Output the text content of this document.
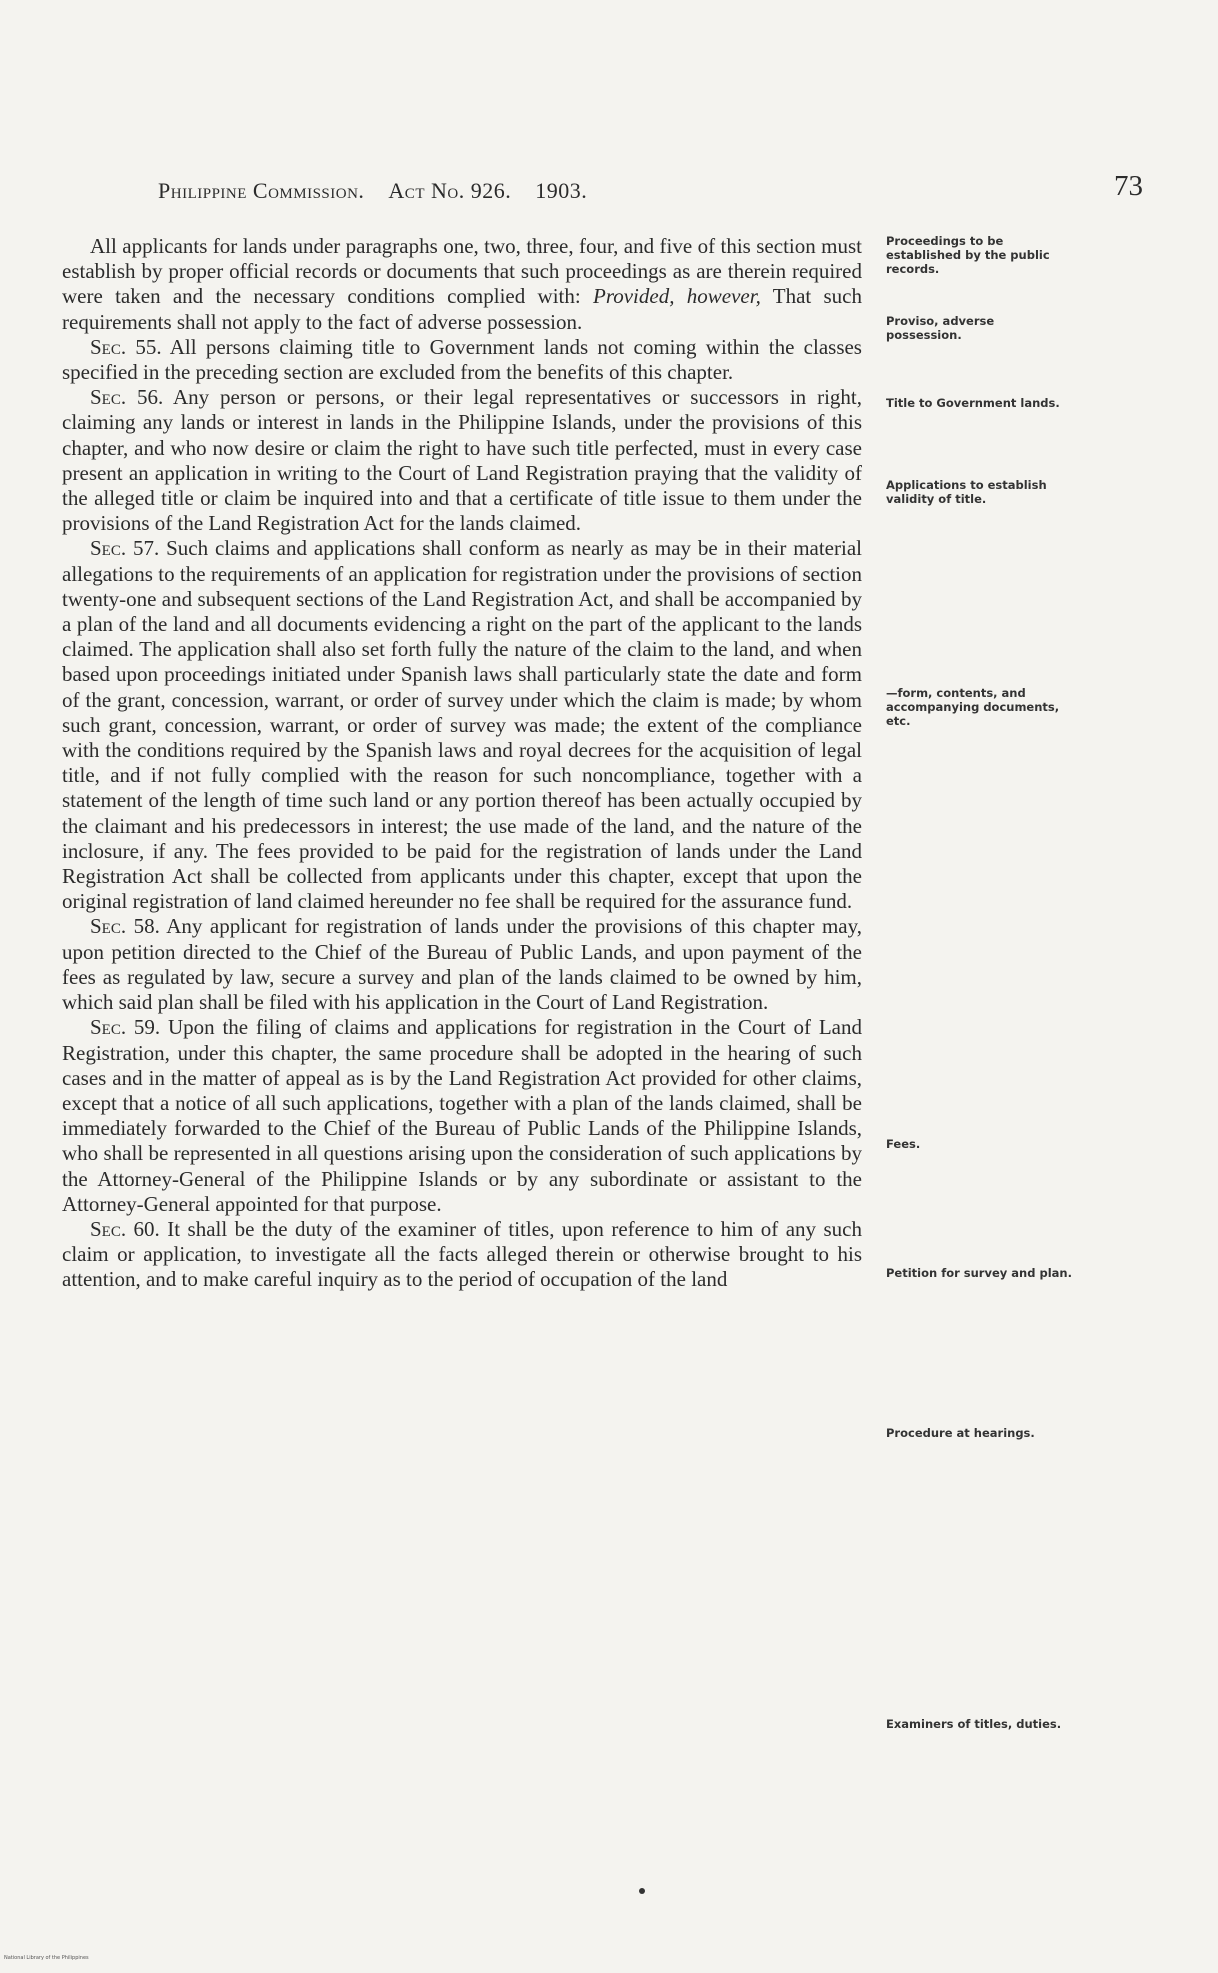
Philippine Commission. Act No. 926. 1903.	73

All applicants for lands under paragraphs one, two, three, four, and five of this section must establish by proper official records or documents that such proceedings as are therein required were taken and the necessary conditions complied with: Provided, however, That such requirements shall not apply to the fact of adverse possession.

Sec. 55. All persons claiming title to Government lands not coming within the classes specified in the preceding section are excluded from the benefits of this chapter.

Sec. 56. Any person or persons, or their legal representatives or successors in right, claiming any lands or interest in lands in the Philippine Islands, under the provisions of this chapter, and who now desire or claim the right to have such title perfected, must in every case present an application in writing to the Court of Land Registration praying that the validity of the alleged title or claim be inquired into and that a certificate of title issue to them under the provisions of the Land Registration Act for the lands claimed.

Sec. 57. Such claims and applications shall conform as nearly as may be in their material allegations to the requirements of an application for registration under the provisions of section twenty-one and subsequent sections of the Land Registration Act, and shall be accompanied by a plan of the land and all documents evidencing a right on the part of the applicant to the lands claimed. The application shall also set forth fully the nature of the claim to the land, and when based upon proceedings initiated under Spanish laws shall particularly state the date and form of the grant, concession, warrant, or order of survey under which the claim is made; by whom such grant, concession, warrant, or order of survey was made; the extent of the compliance with the conditions required by the Spanish laws and royal decrees for the acquisition of legal title, and if not fully complied with the reason for such noncompliance, together with a statement of the length of time such land or any portion thereof has been actually occupied by the claimant and his predecessors in interest; the use made of the land, and the nature of the inclosure, if any. The fees provided to be paid for the registration of lands under the Land Registration Act shall be collected from applicants under this chapter, except that upon the original registration of land claimed hereunder no fee shall be required for the assurance fund.

Sec. 58. Any applicant for registration of lands under the provisions of this chapter may, upon petition directed to the Chief of the Bureau of Public Lands, and upon payment of the fees as regulated by law, secure a survey and plan of the lands claimed to be owned by him, which said plan shall be filed with his application in the Court of Land Registration.

Sec. 59. Upon the filing of claims and applications for registration in the Court of Land Registration, under this chapter, the same procedure shall be adopted in the hearing of such cases and in the matter of appeal as is by the Land Registration Act provided for other claims, except that a notice of all such applications, together with a plan of the lands claimed, shall be immediately forwarded to the Chief of the Bureau of Public Lands of the Philippine Islands, who shall be represented in all questions arising upon the consideration of such applications by the Attorney-General of the Philippine Islands or by any subordinate or assistant to the Attorney-General appointed for that purpose.

Sec. 60. It shall be the duty of the examiner of titles, upon reference to him of any such claim or application, to investigate all the facts alleged therein or otherwise brought to his attention, and to make careful inquiry as to the period of occupation of the land

Proceedings to be established by the public records.
Proviso, adverse possession.
Title to Government lands.
Applications to establish validity of title.
—form, contents, and accompanying documents, etc.
Fees.
Petition for survey and plan.
Procedure at hearings.
Examiners of titles, duties.
National Library of the Philippines
